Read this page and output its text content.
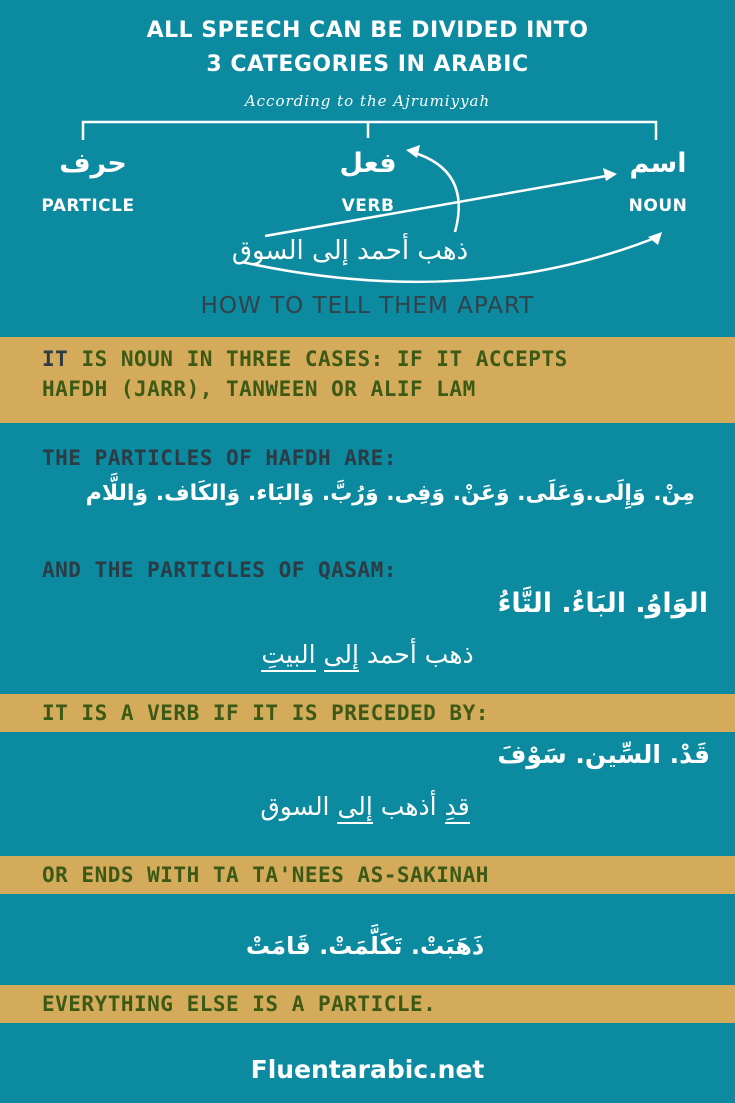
ALL SPEECH CAN BE DIVIDED INTO
3 CATEGORIES IN ARABIC
According to the Ajrumiyyah
حرف	فعل	اسم
PARTICLE	VERB	NOUN
ذهب أحمد إلى السوق
HOW TO TELL THEM APART
IT IS NOUN IN THREE CASES: IF IT ACCEPTS
HAFDH (JARR), TANWEEN OR ALIF LAM
THE PARTICLES OF HAFDH ARE:
مِنْ. وَإِلَى.وَعَلَى. وَعَنْ. وَفِى. وَرُبَّ. وَالبَاء. وَالكَاف. وَاللَّام
AND THE PARTICLES OF QASAM:
الوَاوُ. البَاءُ. التَّاءُ
ذهب أحمد إلى البيتِ
IT IS A VERB IF IT IS PRECEDED BY:
قَدْ. السِّين. سَوْفَ
قدِ أذهب إلى السوق
OR ENDS WITH TA TA'NEES AS-SAKINAH
ذَهَبَتْ. تَكَلَّمَتْ. قَامَتْ
EVERYTHING ELSE IS A PARTICLE.
Fluentarabic.net
